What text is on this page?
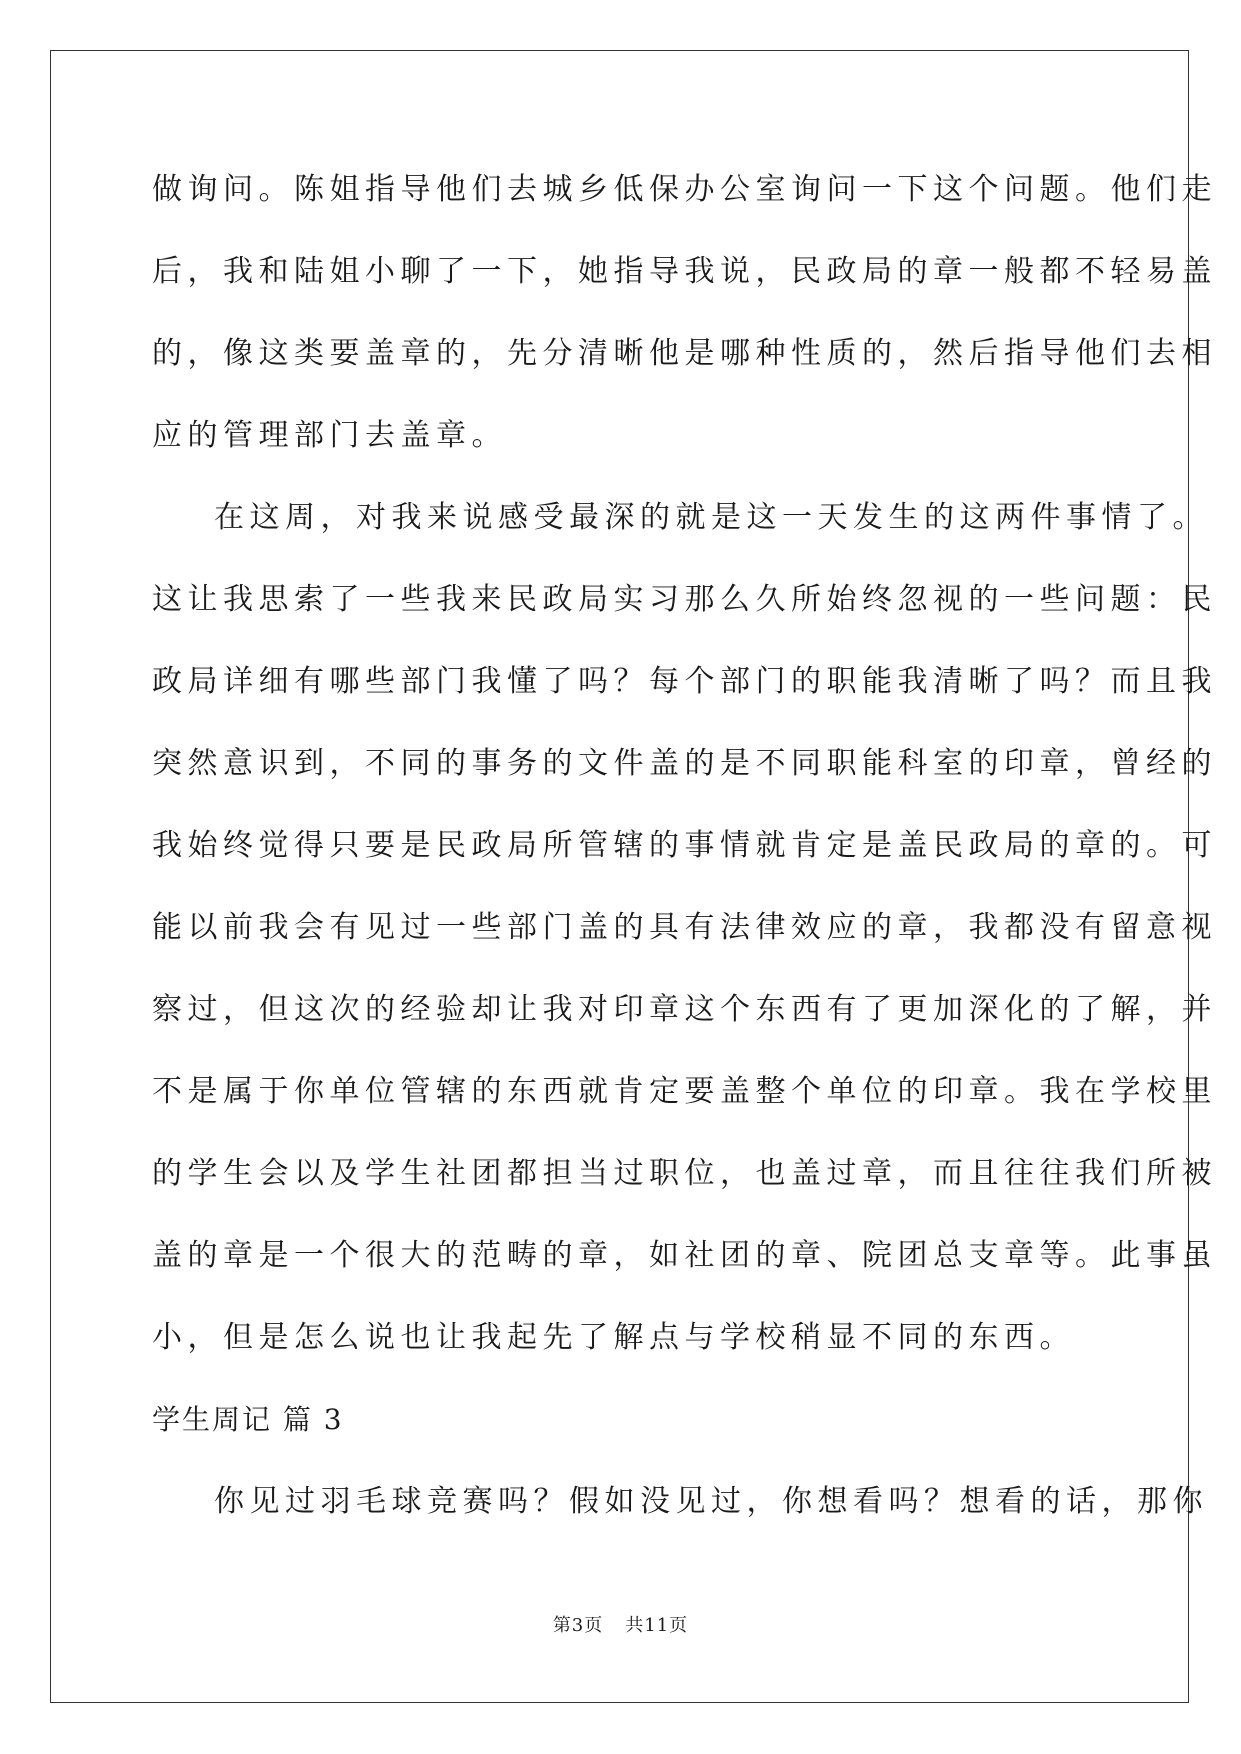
做询问。陈姐指导他们去城乡低保办公室询问一下这个问题。他们走
后，我和陆姐小聊了一下，她指导我说，民政局的章一般都不轻易盖
的，像这类要盖章的，先分清晰他是哪种性质的，然后指导他们去相
应的管理部门去盖章。
在这周，对我来说感受最深的就是这一天发生的这两件事情了。
这让我思索了一些我来民政局实习那么久所始终忽视的一些问题：民
政局详细有哪些部门我懂了吗？每个部门的职能我清晰了吗？而且我
突然意识到，不同的事务的文件盖的是不同职能科室的印章，曾经的
我始终觉得只要是民政局所管辖的事情就肯定是盖民政局的章的。可
能以前我会有见过一些部门盖的具有法律效应的章，我都没有留意视
察过，但这次的经验却让我对印章这个东西有了更加深化的了解，并
不是属于你单位管辖的东西就肯定要盖整个单位的印章。我在学校里
的学生会以及学生社团都担当过职位，也盖过章，而且往往我们所被
盖的章是一个很大的范畴的章，如社团的章、院团总支章等。此事虽
小，但是怎么说也让我起先了解点与学校稍显不同的东西。
学生周记 篇 3
你见过羽毛球竞赛吗？假如没见过，你想看吗？想看的话，那你
第3页 共11页
